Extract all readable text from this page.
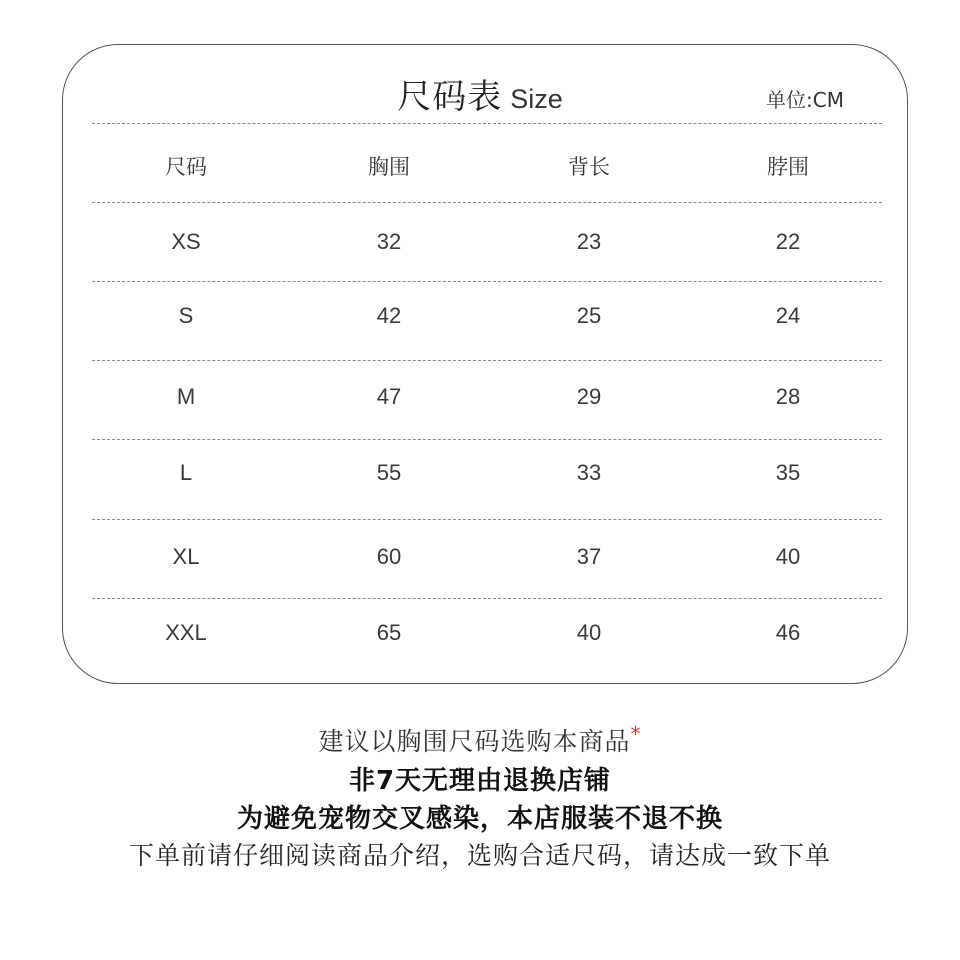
尺码表 Size	单位:CM
尺码	胸围	背长	脖围
XS	32	23	22
S	42	25	24
M	47	29	28
L	55	33	35
XL	60	37	40
XXL	65	40	46
建议以胸围尺码选购本商品*
非7天无理由退换店铺
为避免宠物交叉感染，本店服装不退不换
下单前请仔细阅读商品介绍，选购合适尺码，请达成一致下单
